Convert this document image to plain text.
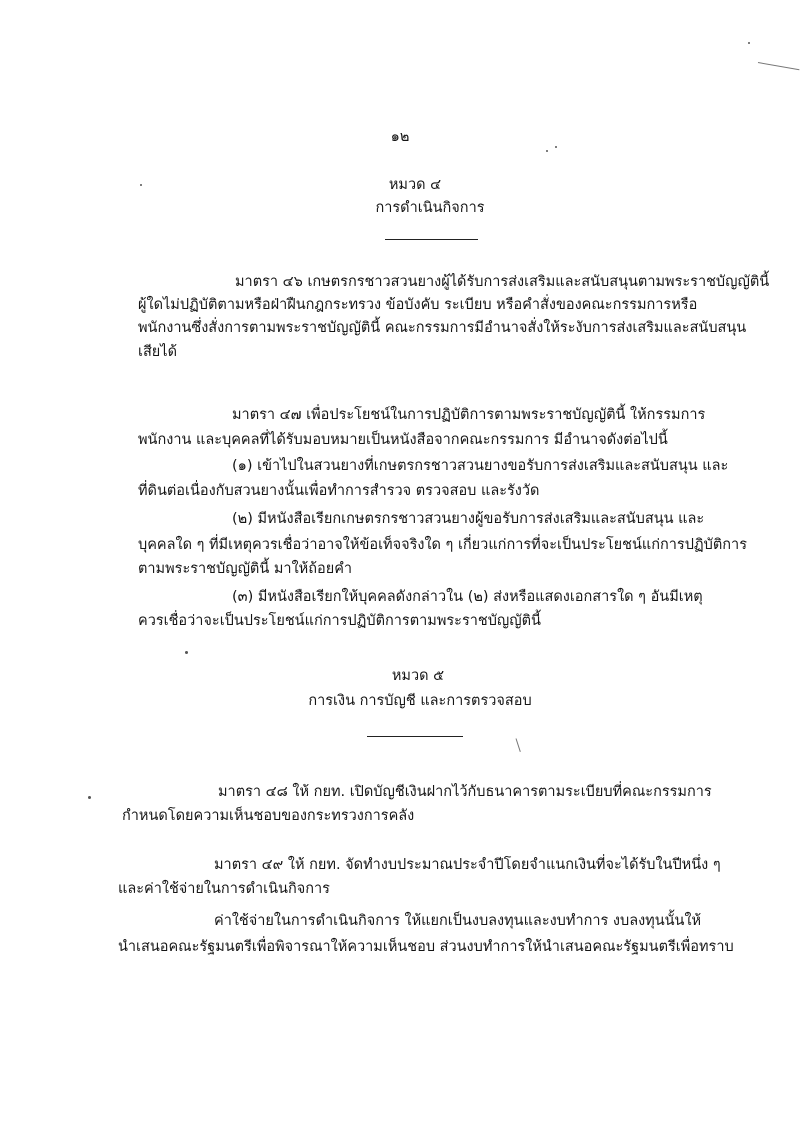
๑๒
หมวด ๔
การดำเนินกิจการ
มาตรา ๔๖ เกษตรกรชาวสวนยางผู้ได้รับการส่งเสริมและสนับสนุนตามพระราชบัญญัตินี้
ผู้ใดไม่ปฏิบัติตามหรือฝ่าฝืนกฎกระทรวง ข้อบังคับ ระเบียบ หรือคำสั่งของคณะกรรมการหรือ
พนักงานซึ่งสั่งการตามพระราชบัญญัตินี้ คณะกรรมการมีอำนาจสั่งให้ระงับการส่งเสริมและสนับสนุน
เสียได้
มาตรา ๔๗ เพื่อประโยชน์ในการปฏิบัติการตามพระราชบัญญัตินี้ ให้กรรมการ
พนักงาน และบุคคลที่ได้รับมอบหมายเป็นหนังสือจากคณะกรรมการ มีอำนาจดังต่อไปนี้
(๑) เข้าไปในสวนยางที่เกษตรกรชาวสวนยางขอรับการส่งเสริมและสนับสนุน และ
ที่ดินต่อเนื่องกับสวนยางนั้นเพื่อทำการสำรวจ ตรวจสอบ และรังวัด
(๒) มีหนังสือเรียกเกษตรกรชาวสวนยางผู้ขอรับการส่งเสริมและสนับสนุน และ
บุคคลใด ๆ ที่มีเหตุควรเชื่อว่าอาจให้ข้อเท็จจริงใด ๆ เกี่ยวแก่การที่จะเป็นประโยชน์แก่การปฏิบัติการ
ตามพระราชบัญญัตินี้ มาให้ถ้อยคำ
(๓) มีหนังสือเรียกให้บุคคลดังกล่าวใน (๒) ส่งหรือแสดงเอกสารใด ๆ อันมีเหตุ
ควรเชื่อว่าจะเป็นประโยชน์แก่การปฏิบัติการตามพระราชบัญญัตินี้
หมวด ๕
การเงิน การบัญชี และการตรวจสอบ
มาตรา ๔๘ ให้ กยท. เปิดบัญชีเงินฝากไว้กับธนาคารตามระเบียบที่คณะกรรมการ
กำหนดโดยความเห็นชอบของกระทรวงการคลัง
มาตรา ๔๙ ให้ กยท. จัดทำงบประมาณประจำปีโดยจำแนกเงินที่จะได้รับในปีหนึ่ง ๆ
และค่าใช้จ่ายในการดำเนินกิจการ
ค่าใช้จ่ายในการดำเนินกิจการ ให้แยกเป็นงบลงทุนและงบทำการ งบลงทุนนั้นให้
นำเสนอคณะรัฐมนตรีเพื่อพิจารณาให้ความเห็นชอบ ส่วนงบทำการให้นำเสนอคณะรัฐมนตรีเพื่อทราบ
